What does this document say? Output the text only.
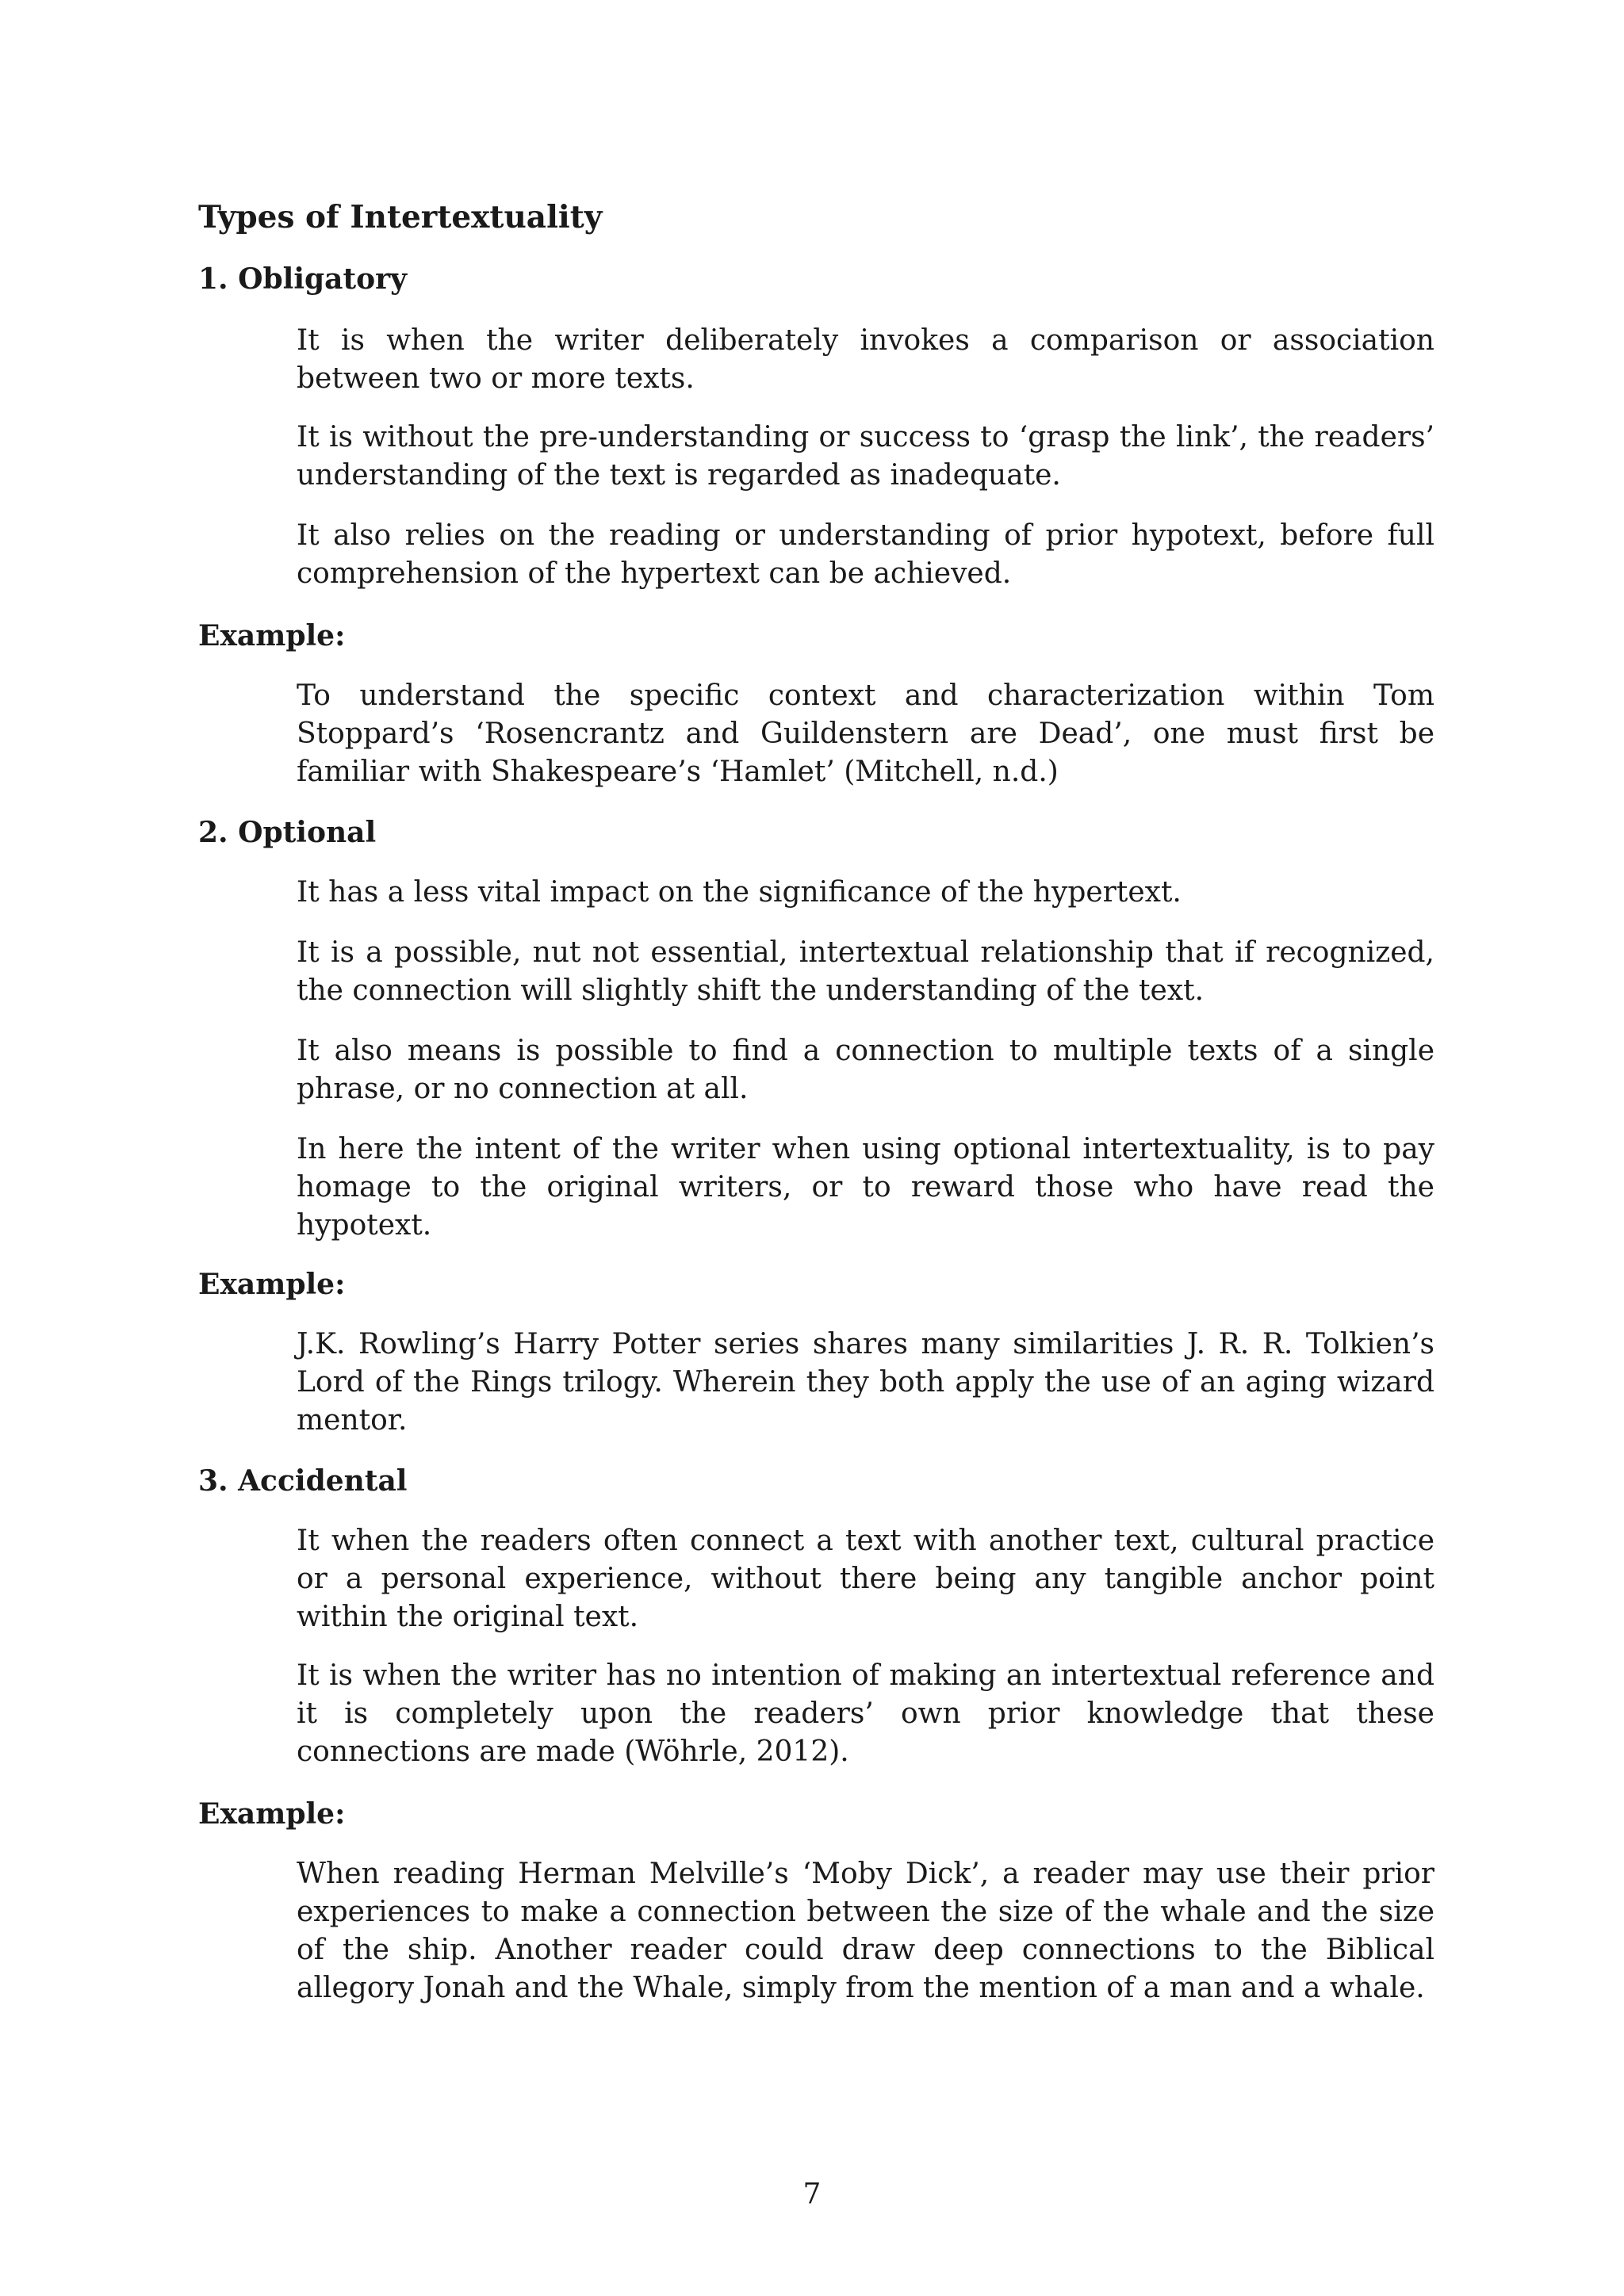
Types of Intertextuality
1. Obligatory

It is when the writer deliberately invokes a comparison or association between two or more texts.

It is without the pre-understanding or success to ‘grasp the link’, the readers’ understanding of the text is regarded as inadequate.

It also relies on the reading or understanding of prior hypotext, before full comprehension of the hypertext can be achieved.

Example:

To understand the specific context and characterization within Tom Stoppard’s ‘Rosencrantz and Guildenstern are Dead’, one must first be familiar with Shakespeare’s ‘Hamlet’ (Mitchell, n.d.)

2. Optional

It has a less vital impact on the significance of the hypertext.

It is a possible, nut not essential, intertextual relationship that if recognized, the connection will slightly shift the understanding of the text.

It also means is possible to find a connection to multiple texts of a single phrase, or no connection at all.

In here the intent of the writer when using optional intertextuality, is to pay homage to the original writers, or to reward those who have read the hypotext.

Example:

J.K. Rowling’s Harry Potter series shares many similarities J. R. R. Tolkien’s Lord of the Rings trilogy. Wherein they both apply the use of an aging wizard mentor.

3. Accidental

It when the readers often connect a text with another text, cultural practice or a personal experience, without there being any tangible anchor point within the original text.

It is when the writer has no intention of making an intertextual reference and it is completely upon the readers’ own prior knowledge that these connections are made (Wöhrle, 2012).

Example:

When reading Herman Melville’s ‘Moby Dick’, a reader may use their prior experiences to make a connection between the size of the whale and the size of the ship. Another reader could draw deep connections to the Biblical allegory Jonah and the Whale, simply from the mention of a man and a whale.

7
